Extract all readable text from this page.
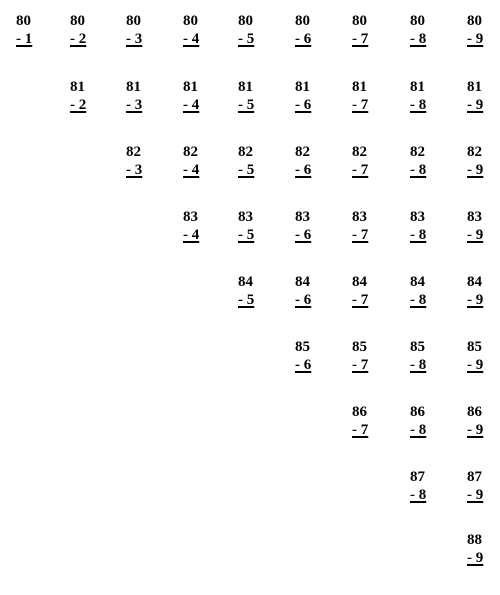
80
- 1
80
- 2
80
- 3
80
- 4
80
- 5
80
- 6
80
- 7
80
- 8
80
- 9
81
- 2
81
- 3
81
- 4
81
- 5
81
- 6
81
- 7
81
- 8
81
- 9
82
- 3
82
- 4
82
- 5
82
- 6
82
- 7
82
- 8
82
- 9
83
- 4
83
- 5
83
- 6
83
- 7
83
- 8
83
- 9
84
- 5
84
- 6
84
- 7
84
- 8
84
- 9
85
- 6
85
- 7
85
- 8
85
- 9
86
- 7
86
- 8
86
- 9
87
- 8
87
- 9
88
- 9
